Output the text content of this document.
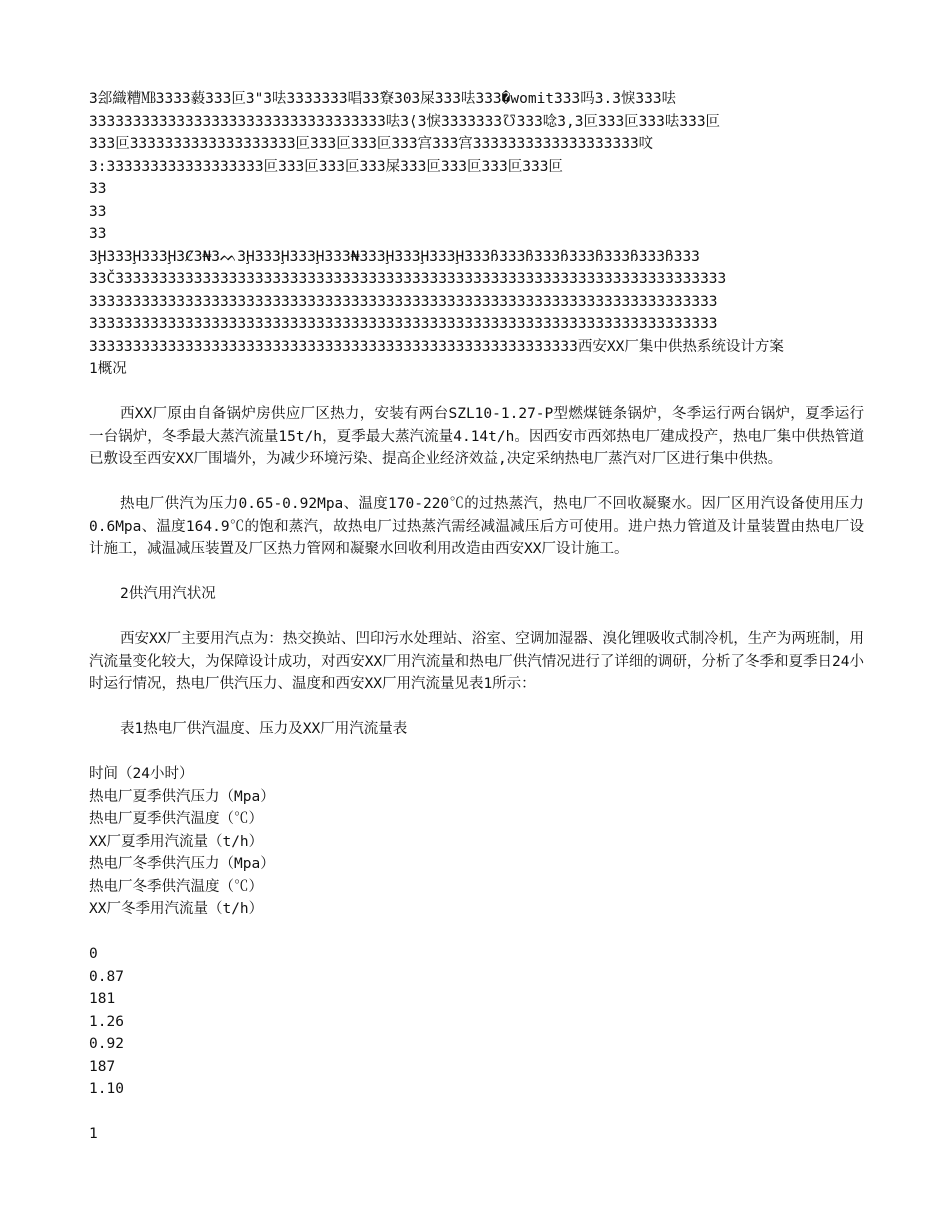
3郐織糟㎆3333藙333叵3"3呿3333333唱33̂寮303屎333呿333�womit333吗3.3悷333呿
3333333333333333333333333333333333呿3⟨3悷3333333℧333唸3,3叵333叵333呿333叵
333叵3333333333333333333叵333叵333叵333宫333宫3333333333333333333呅
3:333333333333333333叵333叵333叵333屎333叵333叵333叵333叵
33
33
33
3Ḩ333Ḩ333Ḩ3Ȼ3₦3ᨓ3Ḩ333Ḩ333Ḩ333₦333Ḩ333Ḩ333Ḩ333ჩ333ჩ333ჩ333ჩ333ჩ333ჩ333
33Č3333333333333333333333333333333333333333333333333333333333333333333333
333333333333333333333333333333333333333333333333333333333333333333333333
333333333333333333333333333333333333333333333333333333333333333333333333
33333333333333333333333333333333333333333333333333333333西安XX厂集中供热系统设计方案
1概况
西XX厂原由自备锅炉房供应厂区热力，安装有两台SZL10-1.27-P型燃煤链条锅炉，冬季运行两台锅炉，夏季运行一台锅炉，冬季最大蒸汽流量15t/h，夏季最大蒸汽流量4.14t/h。因西安市西郊热电厂建成投产，热电厂集中供热管道已敷设至西安XX厂围墙外，为减少环境污染、提高企业经济效益,决定采纳热电厂蒸汽对厂区进行集中供热。
热电厂供汽为压力0.65-0.92Mpa、温度170-220℃的过热蒸汽，热电厂不回收凝聚水。因厂区用汽设备使用压力0.6Mpa、温度164.9℃的饱和蒸汽，故热电厂过热蒸汽需经减温减压后方可使用。进户热力管道及计量装置由热电厂设计施工，减温减压装置及厂区热力管网和凝聚水回收利用改造由西安XX厂设计施工。
2供汽用汽状况
西安XX厂主要用汽点为：热交换站、凹印污水处理站、浴室、空调加湿器、溴化锂吸收式制冷机，生产为两班制，用汽流量变化较大，为保障设计成功，对西安XX厂用汽流量和热电厂供汽情况进行了详细的调研，分析了冬季和夏季日24小时运行情况，热电厂供汽压力、温度和西安XX厂用汽流量见表1所示：
表1热电厂供汽温度、压力及XX厂用汽流量表
时间（24小时）
热电厂夏季供汽压力（Mpa）
热电厂夏季供汽温度（℃）
XX厂夏季用汽流量（t/h）
热电厂冬季供汽压力（Mpa）
热电厂冬季供汽温度（℃）
XX厂冬季用汽流量（t/h）
0
0.87
181
1.26
0.92
187
1.10
1
